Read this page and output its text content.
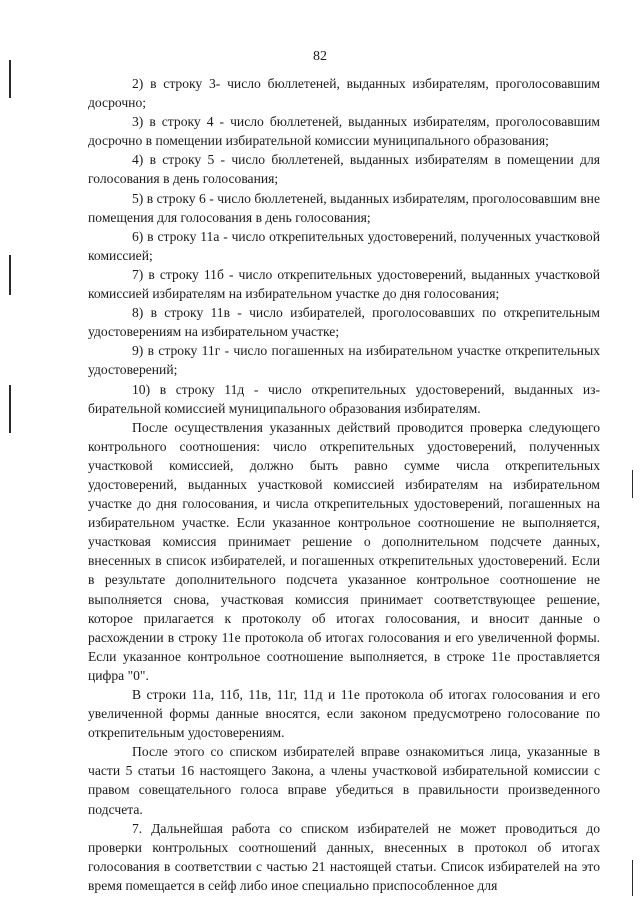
82

2) в строку 3- число бюллетеней, выданных избирателям, проголосовавшим досрочно;

3) в строку 4 - число бюллетеней, выданных избирателям, проголосовавшим досрочно в помещении избирательной комиссии муниципального образования;

4) в строку 5 - число бюллетеней, выданных избирателям в помещении для голосования в день голосования;

5) в строку 6 - число бюллетеней, выданных избирателям, проголосовавшим вне помещения для голосования в день голосования;

6) в строку 11а - число открепительных удостоверений, полученных участковой комиссией;

7) в строку 11б - число открепительных удостоверений, выданных участковой комиссией избирателям на избирательном участке до дня голосования;

8) в строку 11в - число избирателей, проголосовавших по открепительным удостоверениям на избирательном участке;

9) в строку 11г - число погашенных на избирательном участке открепительных удостоверений;

10) в строку 11д - число открепительных удостоверений, выданных избирательной комиссией муниципального образования избирателям.

После осуществления указанных действий проводится проверка следующего контрольного соотношения: число открепительных удостоверений, полученных участковой комиссией, должно быть равно сумме числа открепительных удостоверений, выданных участковой комиссией избирателям на избирательном участке до дня голосования, и числа открепительных удостоверений, погашенных на избирательном участке. Если указанное контрольное соотношение не выполняется, участковая комиссия принимает решение о дополнительном подсчете данных, внесенных в список избирателей, и погашенных открепительных удостоверений. Если в результате дополнительного подсчета указанное контрольное соотношение не выполняется снова, участковая комиссия принимает соответствующее решение, которое прилагается к протоколу об итогах голосования, и вносит данные о расхождении в строку 11е протокола об итогах голосования и его увеличенной формы. Если указанное контрольное соотношение выполняется, в строке 11е проставляется цифра "0".

В строки 11а, 11б, 11в, 11г, 11д и 11е протокола об итогах голосования и его увеличенной формы данные вносятся, если законом предусмотрено голосование по открепительным удостоверениям.

После этого со списком избирателей вправе ознакомиться лица, указанные в части 5 статьи 16 настоящего Закона, а члены участковой избирательной комиссии с правом совещательного голоса вправе убедиться в правильности произведенного подсчета.

7. Дальнейшая работа со списком избирателей не может проводиться до проверки контрольных соотношений данных, внесенных в протокол об итогах голосования в соответствии с частью 21 настоящей статьи. Список избирателей на это время помещается в сейф либо иное специально приспособленное для
